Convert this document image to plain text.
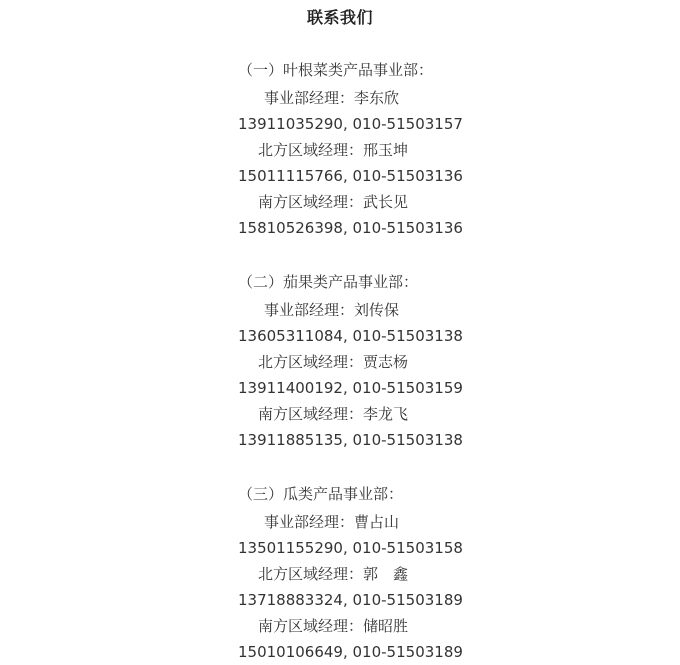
联系我们
（一）叶根菜类产品事业部：
事业部经理：李东欣
13911035290, 010-51503157
北方区域经理：邢玉坤
15011115766, 010-51503136
南方区域经理：武长见
15810526398, 010-51503136
（二）茄果类产品事业部：
事业部经理：刘传保
13605311084, 010-51503138
北方区域经理：贾志杨
13911400192, 010-51503159
南方区域经理：李龙飞
13911885135, 010-51503138
（三）瓜类产品事业部：
事业部经理：曹占山
13501155290, 010-51503158
北方区域经理：郭　鑫
13718883324, 010-51503189
南方区域经理：储昭胜
15010106649, 010-51503189
